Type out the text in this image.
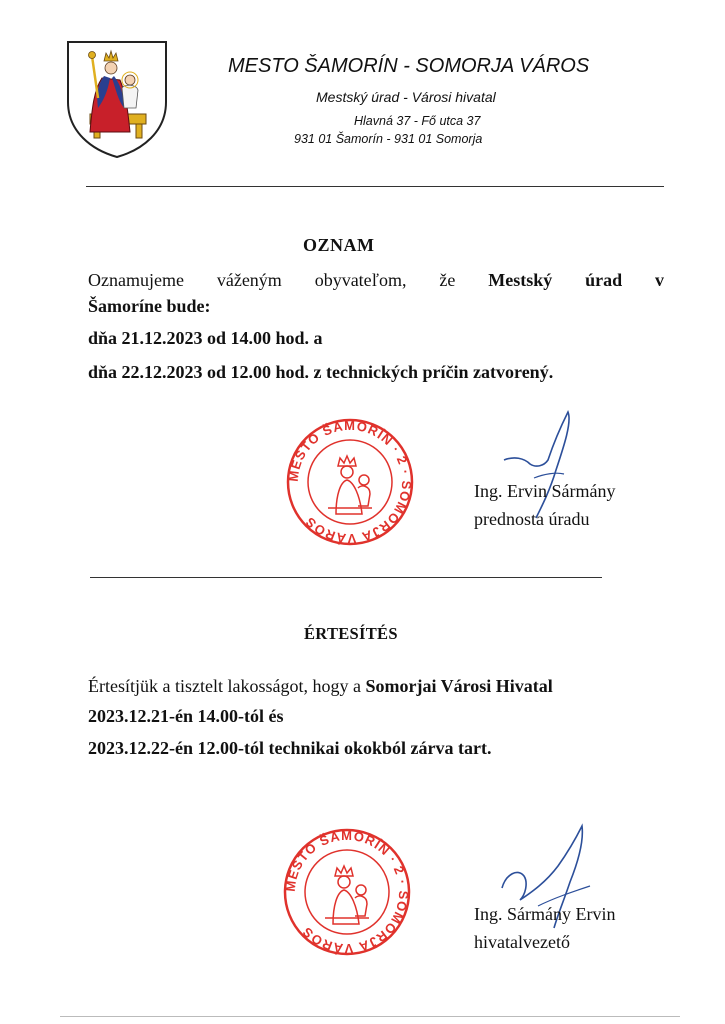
MESTO ŠAMORÍN - SOMORJA VÁROS
Mestský úrad - Városi hivatal
Hlavná 37 - Fő utca 37
931 01 Šamorín - 931 01 Somorja
OZNAM
Oznamujeme váženým obyvateľom, že Mestský úrad v
Šamoríne bude:
dňa 21.12.2023 od 14.00 hod. a
dňa 22.12.2023 od 12.00 hod. z technických príčin zatvorený.
MESTO ŠAMORÍN · 2 · SOMORJA VÁROS
Ing. Ervin Sármány
prednosta úradu
ÉRTESÍTÉS
Értesítjük a tisztelt lakosságot, hogy a Somorjai Városi Hivatal
2023.12.21-én 14.00-tól és
2023.12.22-én 12.00-tól technikai okokból zárva tart.
MESTO ŠAMORÍN · 2 · SOMORJA VÁROS
Ing. Sármány Ervin
hivatalvezető
